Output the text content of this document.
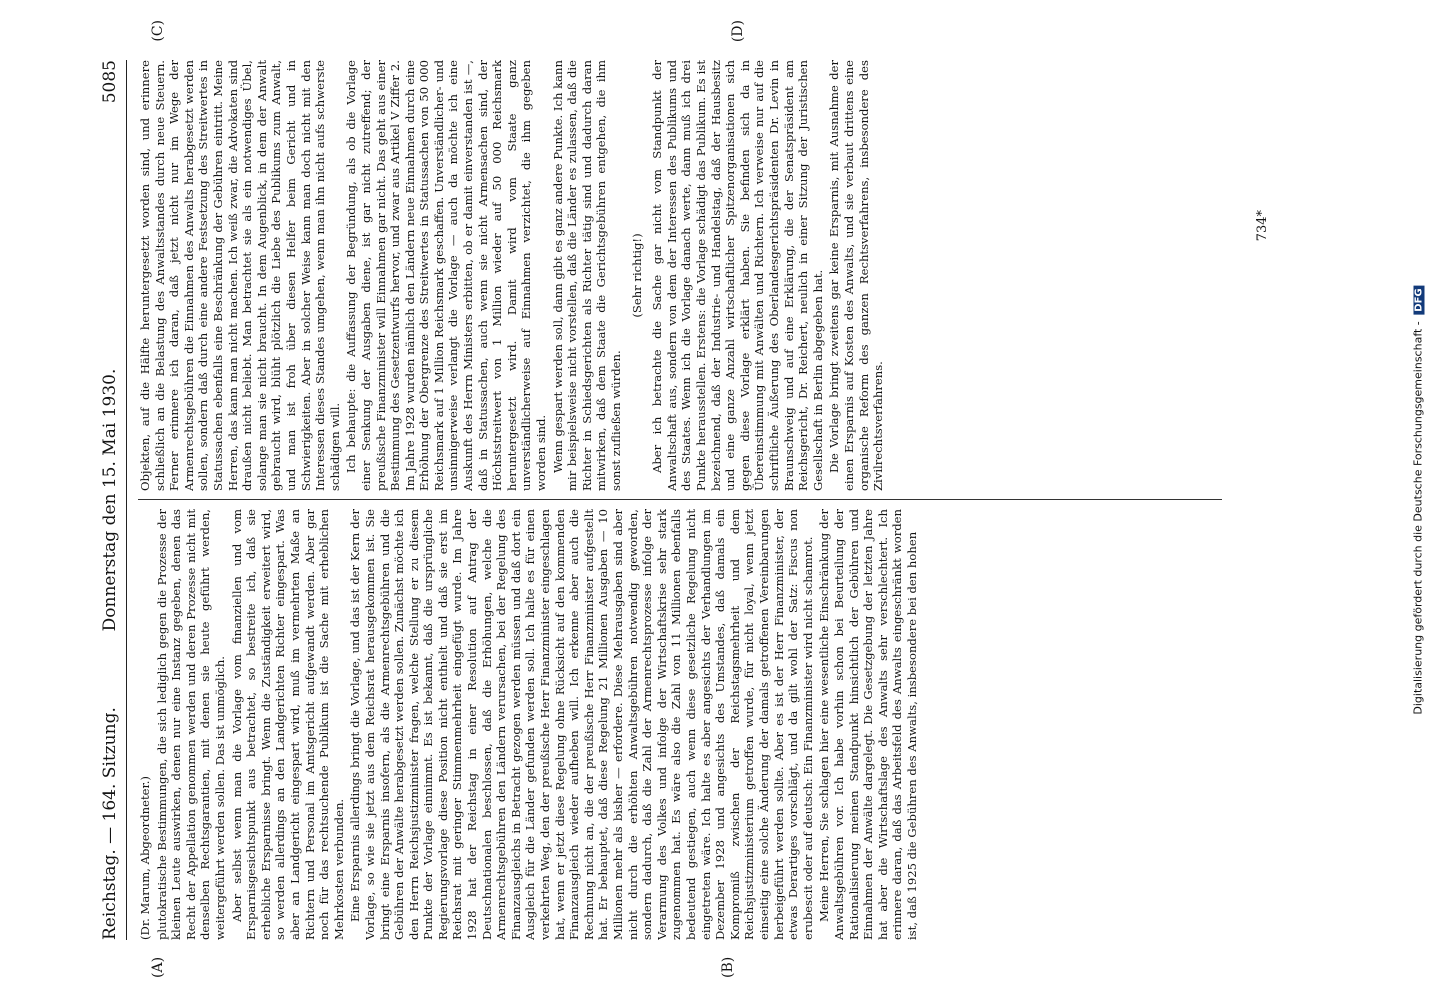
Reichstag. — 164. Sitzung.
Donnerstag den 15. Mai 1930.
5085
(A)	(B)
(C)	(D)

(Dr. Marum, Abgeordneter.) plutokratische Bestimmungen, die sich lediglich gegen die Prozesse der kleinen Leute auswirken, denen nur eine Instanz gegeben, denen das Recht der Appellation genommen werden und deren Prozesse nicht mit denselben Rechtsgarantien, mit denen sie heute geführt werden, weitergeführt werden sollen. Das ist unmöglich. Aber selbst wenn man die Vorlage vom finanziellen und vom Ersparnisgesichtspunkt aus betrachtet, so bestreite ich, daß sie erhebliche Ersparnisse bringt. Wenn die Zuständigkeit erweitert wird, so werden allerdings an den Landgerichten Richter eingespart. Was aber an Landgericht eingespart wird, muß im vermehrten Maße an Richtern und Personal im Amtsgericht aufgewandt werden. Aber gar noch für das rechtsuchende Publikum ist die Sache mit erheblichen Mehrkosten verbunden. Eine Ersparnis allerdings bringt die Vorlage, und das ist der Kern der Vorlage, so wie sie jetzt aus dem Reichsrat herausgekommen ist. Sie bringt eine Ersparnis insofern, als die Armenrechtsgebühren und die Gebühren der Anwälte herabgesetzt werden sollen. Zunächst möchte ich den Herrn Reichsjustizminister fragen, welche Stellung er zu diesem Punkte der Vorlage einnimmt. Es ist bekannt, daß die ursprüngliche Regierungsvorlage diese Position nicht enthielt und daß sie erst im Reichsrat mit geringer Stimmenmehrheit eingefügt wurde. Im Jahre 1928 hat der Reichstag in einer Resolution auf Antrag der Deutschnationalen beschlossen, daß die Erhöhungen, welche die Armenrechtsgebühren den Ländern verursachen, bei der Regelung des Finanzausgleichs in Betracht gezogen werden müssen und daß dort ein Ausgleich für die Länder gefunden werden soll. Ich halte es für einen verkehrten Weg, den der preußische Herr Finanzminister eingeschlagen hat, wenn er jetzt diese Regelung ohne Rücksicht auf den kommenden Finanzausgleich wieder aufheben will. Ich erkenne aber auch die Rechnung nicht an, die der preußische Herr Finanzminister aufgestellt hat. Er behauptet, daß diese Regelung 21 Millionen Ausgaben — 10 Millionen mehr als bisher — erfordere. Diese Mehrausgaben sind aber nicht durch die erhöhten Anwaltsgebühren notwendig geworden, sondern dadurch, daß die Zahl der Armenrechtsprozesse infolge der Verarmung des Volkes und infolge der Wirtschaftskrise sehr stark zugenommen hat. Es wäre also die Zahl von 11 Millionen ebenfalls bedeutend gestiegen, auch wenn diese gesetzliche Regelung nicht eingetreten wäre. Ich halte es aber angesichts der Verhandlungen im Dezember 1928 und angesichts des Umstandes, daß damals ein Kompromiß zwischen der Reichstagsmehrheit und dem Reichsjustizministerium getroffen wurde, für nicht loyal, wenn jetzt einseitig eine solche Änderung der damals getroffenen Vereinbarungen herbeigeführt werden sollte. Aber es ist der Herr Finanzminister, der etwas Derartiges vorschlägt, und da gilt wohl der Satz: Fiscus non erubescit oder auf deutsch: Ein Finanzminister wird nicht schamrot. Meine Herren, Sie schlagen hier eine wesentliche Einschränkung der Anwaltsgebühren vor. Ich habe vorhin schon bei Beurteilung der Rationalisierung meinen Standpunkt hinsichtlich der Gebühren und Einnahmen der Anwälte dargelegt. Die Gesetzgebung der letzten Jahre hat aber die Wirtschaftslage des Anwalts sehr verschlechtert. Ich erinnere daran, daß das Arbeitsfeld des Anwalts eingeschränkt worden ist, daß 1925 die Gebühren des Anwalts, insbesondere bei den hohen

Objekten, auf die Hälfte heruntergesetzt worden sind, und erinnere schließlich an die Belastung des Anwaltsstandes durch neue Steuern. Ferner erinnere ich daran, daß jetzt nicht nur im Wege der Armenrechtsgebühren die Einnahmen des Anwalts herabgesetzt werden sollen, sondern daß durch eine andere Festsetzung des Streitwertes in Statussachen ebenfalls eine Beschränkung der Gebühren eintritt. Meine Herren, das kann man nicht machen. Ich weiß zwar, die Advokaten sind draußen nicht beliebt. Man betrachtet sie als ein notwendiges Übel, solange man sie nicht braucht. In dem Augenblick, in dem der Anwalt gebraucht wird, blüht plötzlich die Liebe des Publikums zum Anwalt, und man ist froh über diesen Helfer beim Gericht und in Schwierigkeiten. Aber in solcher Weise kann man doch nicht mit den Interessen dieses Standes umgehen, wenn man ihn nicht aufs schwerste schädigen will. Ich behaupte: die Auffassung der Begründung, als ob die Vorlage einer Senkung der Ausgaben diene, ist gar nicht zutreffend; der preußische Finanzminister will Einnahmen gar nicht. Das geht aus einer Bestimmung des Gesetzentwurfs hervor, und zwar aus Artikel V Ziffer 2. Im Jahre 1928 wurden nämlich den Ländern neue Einnahmen durch eine Erhöhung der Obergrenze des Streitwertes in Statussachen von 50 000 Reichsmark auf 1 Million Reichsmark geschaffen. Unverständlicher- und unsinnigerweise verlangt die Vorlage — auch da möchte ich eine Auskunft des Herrn Ministers erbitten, ob er damit einverstanden ist —, daß in Statussachen, auch wenn sie nicht Armensachen sind, der Höchststreitwert von 1 Million wieder auf 50 000 Reichsmark heruntergesetzt wird. Damit wird vom Staate ganz unverständlicherweise auf Einnahmen verzichtet, die ihm gegeben worden sind. Wenn gespart werden soll, dann gibt es ganz andere Punkte. Ich kann mir beispielsweise nicht vorstellen, daß die Länder es zulassen, daß die Richter in Schiedsgerichten als Richter tätig sind und dadurch daran mitwirken, daß dem Staate die Gerichtsgebühren entgehen, die ihm sonst zufließen würden.

(Sehr richtig!) Aber ich betrachte die Sache gar nicht vom Standpunkt der Anwaltschaft aus, sondern von dem der Interessen des Publikums und des Staates. Wenn ich die Vorlage danach werte, dann muß ich drei Punkte herausstellen. Erstens: die Vorlage schädigt das Publikum. Es ist bezeichnend, daß der Industrie- und Handelstag, daß der Hausbesitz und eine ganze Anzahl wirtschaftlicher Spitzenorganisationen sich gegen diese Vorlage erklärt haben. Sie befinden sich da in Übereinstimmung mit Anwälten und Richtern. Ich verweise nur auf die schriftliche Äußerung des Oberlandesgerichtspräsidenten Dr. Levin in Braunschweig und auf eine Erklärung, die der Senatspräsident am Reichsgericht, Dr. Reichert, neulich in einer Sitzung der Juristischen Gesellschaft in Berlin abgegeben hat. Die Vorlage bringt zweitens gar keine Ersparnis, mit Ausnahme der einen Ersparnis auf Kosten des Anwalts, und sie verbaut drittens eine organische Reform des ganzen Rechtsverfahrens, insbesondere des Zivilrechtsverfahrens.

734*
Digitalisierung gefördert durch die Deutsche Forschungsgemeinschaft - DFG
